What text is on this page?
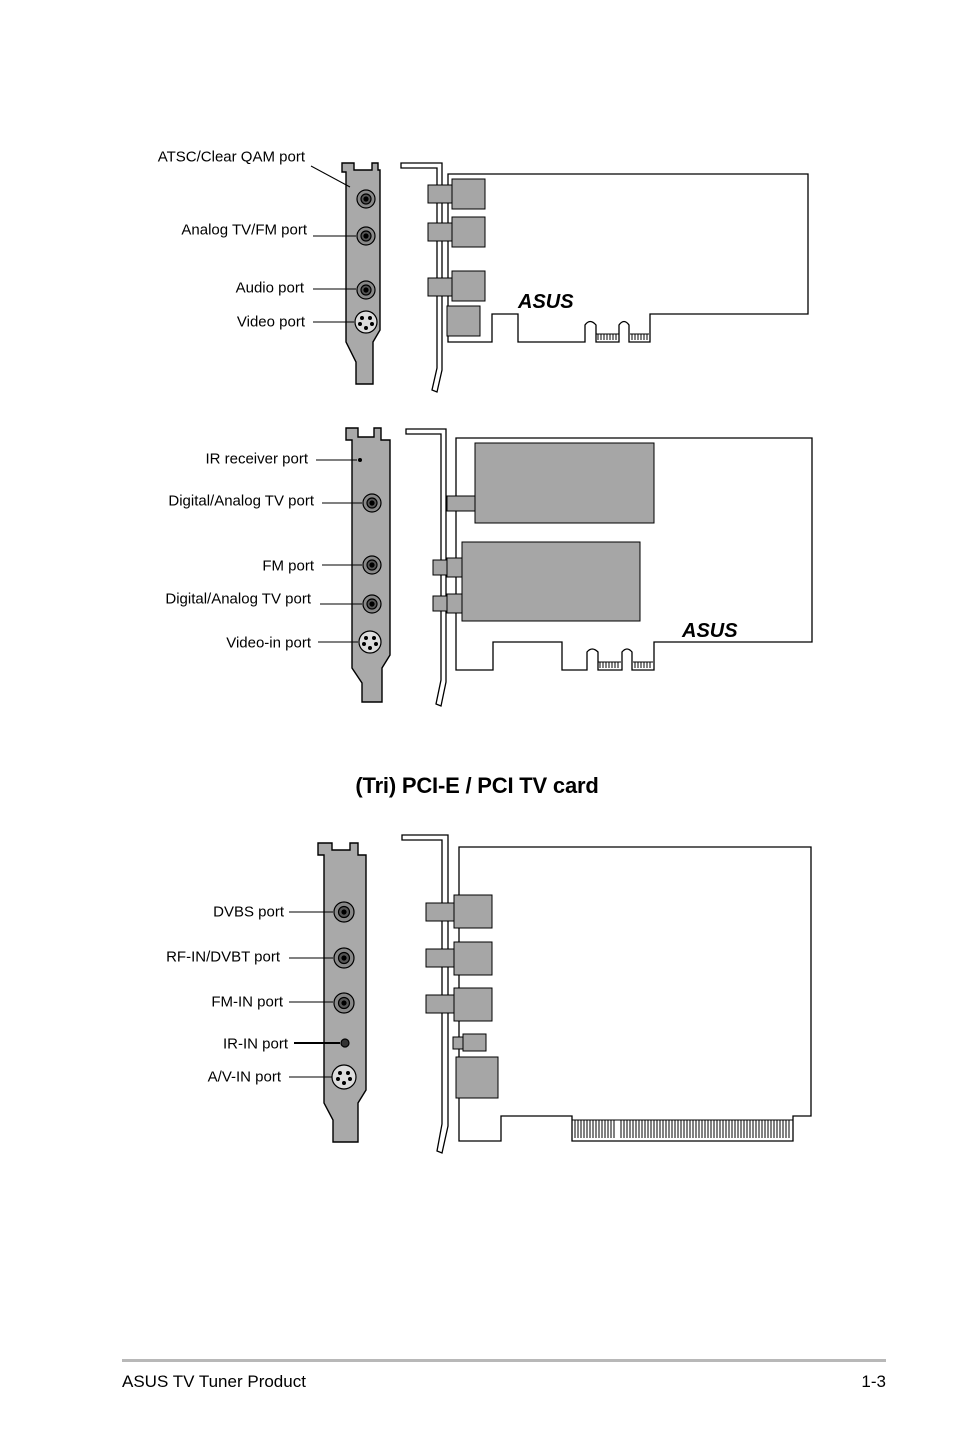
ASUS
ATSC/Clear QAM port
Analog TV/FM port
Audio port
Video port
ASUS
IR receiver port
Digital/Analog TV port
FM port
Digital/Analog TV port
Video-in port
(Tri) PCI-E / PCI TV card
DVBS port
RF-IN/DVBT port
FM-IN port
IR-IN port
A/V-IN port
ASUS TV Tuner Product	1-3
